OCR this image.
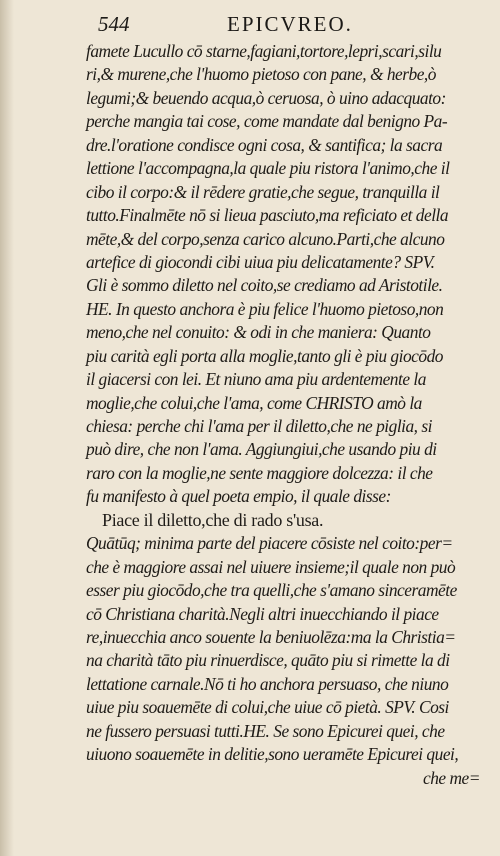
544	EPICVREO.
famete Lucullo cō starne,fagiani,tortore,lepri,scari,silu
ri,& murene,che l'huomo pietoso con pane, & herbe,ò
legumi;& beuendo acqua,ò ceruosa, ò uino adacquato:
perche mangia tai cose, come mandate dal benigno Pa-
dre.l'oratione condisce ogni cosa, & santifica; la sacra
lettione l'accompagna,la quale piu ristora l'animo,che il
cibo il corpo:& il rēdere gratie,che segue, tranquilla il
tutto.Finalmēte nō si lieua pasciuto,ma reficiato et della
mēte,& del corpo,senza carico alcuno.Parti,che alcuno
artefice di giocondi cibi uiua piu delicatamente? SPV.
Gli è sommo diletto nel coito,se crediamo ad Aristotile.
HE. In questo anchora è piu felice l'huomo pietoso,non
meno,che nel conuito: & odi in che maniera: Quanto
piu carità egli porta alla moglie,tanto gli è piu giocōdo
il giacersi con lei. Et niuno ama piu ardentemente la
moglie,che colui,che l'ama, come CHRISTO amò la
chiesa: perche chi l'ama per il diletto,che ne piglia, si
può dire, che non l'ama. Aggiungiui,che usando piu di
raro con la moglie,ne sente maggiore dolcezza: il che
fu manifesto à quel poeta empio, il quale disse:
Piace il diletto,che di rado s'usa.
Quātūq; minima parte del piacere cōsiste nel coito:per=
che è maggiore assai nel uiuere insieme;il quale non può
esser piu giocōdo,che tra quelli,che s'amano sinceramēte
cō Christiana charità.Negli altri inuecchiando il piace
re,inuecchia anco souente la beniuolēza:ma la Christia=
na charità tāto piu rinuerdisce, quāto piu si rimette la di
lettatione carnale.Nō ti ho anchora persuaso, che niuno
uiue piu soauemēte di colui,che uiue cō pietà. SPV. Cosi
ne fussero persuasi tutti.HE. Se sono Epicurei quei, che
uiuono soauemēte in delitie,sono ueramēte Epicurei quei,
che me=
